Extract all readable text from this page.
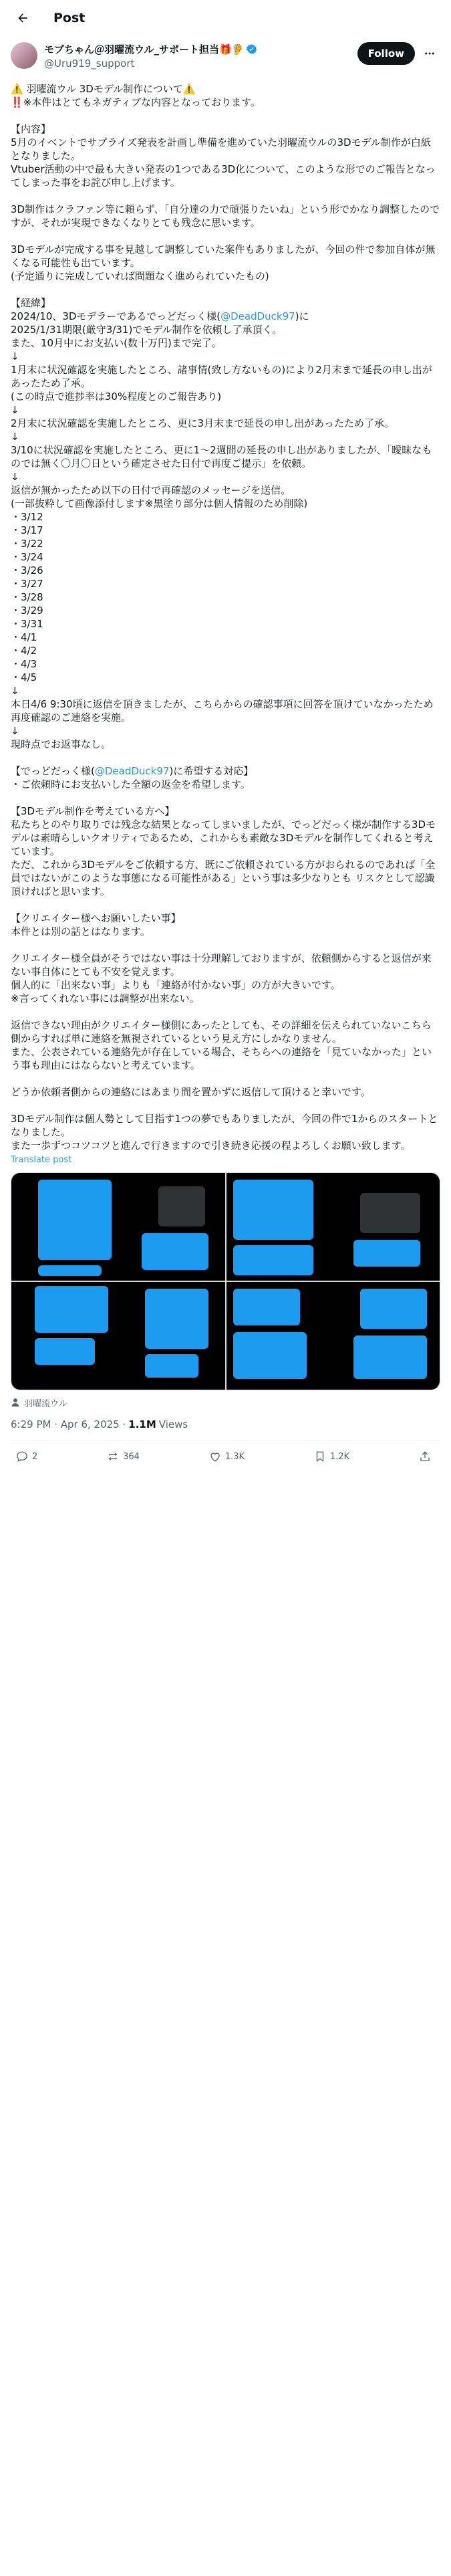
Post
モブちゃん＠羽曜流ウル_サポート担当 🎁🦻
@Uru919_support
Follow
⚠️ 羽曜流ウル 3Dモデル制作について⚠️
‼️※本件はとてもネガティブな内容となっております。
【内容】
5月のイベントでサプライズ発表を計画し準備を進めていた羽曜流ウルの3Dモデル制作が白紙となりました。
Vtuber活動の中で最も大きい発表の1つである3D化について、このような形でのご報告となってしまった事をお詫び申し上げます。
3D制作はクラファン等に頼らず、「自分達の力で頑張りたいね」という形でかなり調整したのですが、それが実現できなくなりとても残念に思います。
3Dモデルが完成する事を見越して調整していた案件もありましたが、今回の件で参加自体が無くなる可能性も出ています。
(予定通りに完成していれば問題なく進められていたもの)
【経緯】
2024/10、3Dモデラーであるでっどだっく様(@DeadDuck97)に
2025/1/31期限(厳守3/31)でモデル制作を依頼し了承頂く。
また、10月中にお支払い(数十万円)まで完了。
↓
1月末に状況確認を実施したところ、諸事情(致し方ないもの)により2月末まで延長の申し出があったため了承。
(この時点で進捗率は30%程度とのご報告あり)
↓
2月末に状況確認を実施したところ、更に3月末まで延長の申し出があったため了承。
↓
3/10に状況確認を実施したところ、更に1〜2週間の延長の申し出がありましたが、「曖昧なものでは無く〇月〇日という確定させた日付で再度ご提示」を依頼。
↓
返信が無かったため以下の日付で再確認のメッセージを送信。
(一部抜粋して画像添付します※黒塗り部分は個人情報のため削除)
・3/12
・3/17
・3/22
・3/24
・3/26
・3/27
・3/28
・3/29
・3/31
・4/1
・4/2
・4/3
・4/5
↓
本日4/6 9:30頃に返信を頂きましたが、こちらからの確認事項に回答を頂けていなかったため再度確認のご連絡を実施。
↓
現時点でお返事なし。
【でっどだっく様(@DeadDuck97)に希望する対応】
・ご依頼時にお支払いした全額の返金を希望します。
【3Dモデル制作を考えている方へ】
私たちとのやり取りでは残念な結果となってしまいましたが、でっどだっく様が制作する3Dモデルは素晴らしいクオリティであるため、これからも素敵な3Dモデルを制作してくれると考えています。
ただ、これから3Dモデルをご依頼する方、既にご依頼されている方がおられるのであれば「全員ではないがこのような事態になる可能性がある」という事は多少なりとも リスクとして認識頂ければと思います。
【クリエイター様へお願いしたい事】
本件とは別の話とはなります。
クリエイター様全員がそうではない事は十分理解しておりますが、依頼側からすると返信が来ない事自体にとても不安を覚えます。
個人的に「出来ない事」よりも「連絡が付かない事」の方が大きいです。
※言ってくれない事には調整が出来ない。
返信できない理由がクリエイター様側にあったとしても、その詳細を伝えられていないこちら側からすれば単に連絡を無視されているという見え方にしかなりません。
また、公表されている連絡先が存在している場合、そちらへの連絡を「見ていなかった」という事も理由にはならないと考えています。
どうか依頼者側からの連絡にはあまり間を置かずに返信して頂けると幸いです。
3Dモデル制作は個人勢として目指す1つの夢でもありましたが、今回の件で1からのスタートとなりました。
また一歩ずつコツコツと進んで行きますので引き続き応援の程よろしくお願い致します。
Translate post
羽曜流ウル
6:29 PM · Apr 6, 2025 · 1.1M Views
2	364	1.3K	1.2K
